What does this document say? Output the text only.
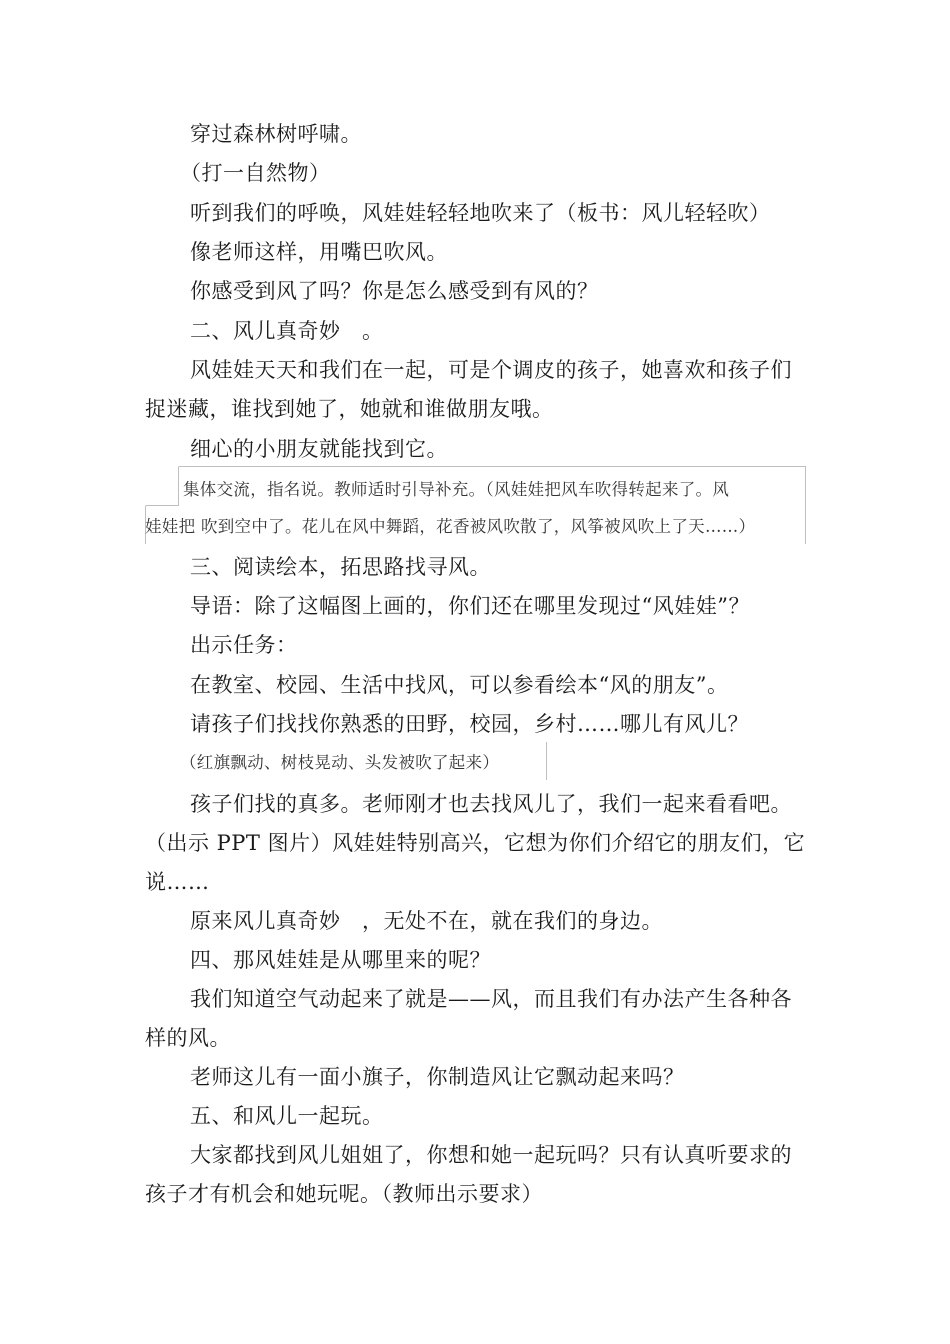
穿过森林树呼啸。
（打一自然物）
听到我们的呼唤，风娃娃轻轻地吹来了（板书：风儿轻轻吹）
像老师这样，用嘴巴吹风。
你感受到风了吗？你是怎么感受到有风的？
二、风儿真奇妙　。
风娃娃天天和我们在一起，可是个调皮的孩子，她喜欢和孩子们
捉迷藏，谁找到她了，她就和谁做朋友哦。
细心的小朋友就能找到它。
集体交流，指名说。教师适时引导补充。（风娃娃把风车吹得转起来了。风
娃娃把 吹到空中了。花儿在风中舞蹈，花香被风吹散了，风筝被风吹上了天……）
三、阅读绘本，拓思路找寻风。
导语：除了这幅图上画的，你们还在哪里发现过“风娃娃”？
出示任务：
在教室、校园、生活中找风，可以参看绘本“风的朋友”。
请孩子们找找你熟悉的田野，校园，乡村……哪儿有风儿？
（红旗飘动、树枝晃动、头发被吹了起来）
孩子们找的真多。老师刚才也去找风儿了，我们一起来看看吧。
（出示 PPT 图片）风娃娃特别高兴，它想为你们介绍它的朋友们，它
说……
原来风儿真奇妙　，无处不在，就在我们的身边。
四、那风娃娃是从哪里来的呢？
我们知道空气动起来了就是——风，而且我们有办法产生各种各
样的风。
老师这儿有一面小旗子，你制造风让它飘动起来吗？
五、和风儿一起玩。
大家都找到风儿姐姐了，你想和她一起玩吗？只有认真听要求的
孩子才有机会和她玩呢。（教师出示要求）
